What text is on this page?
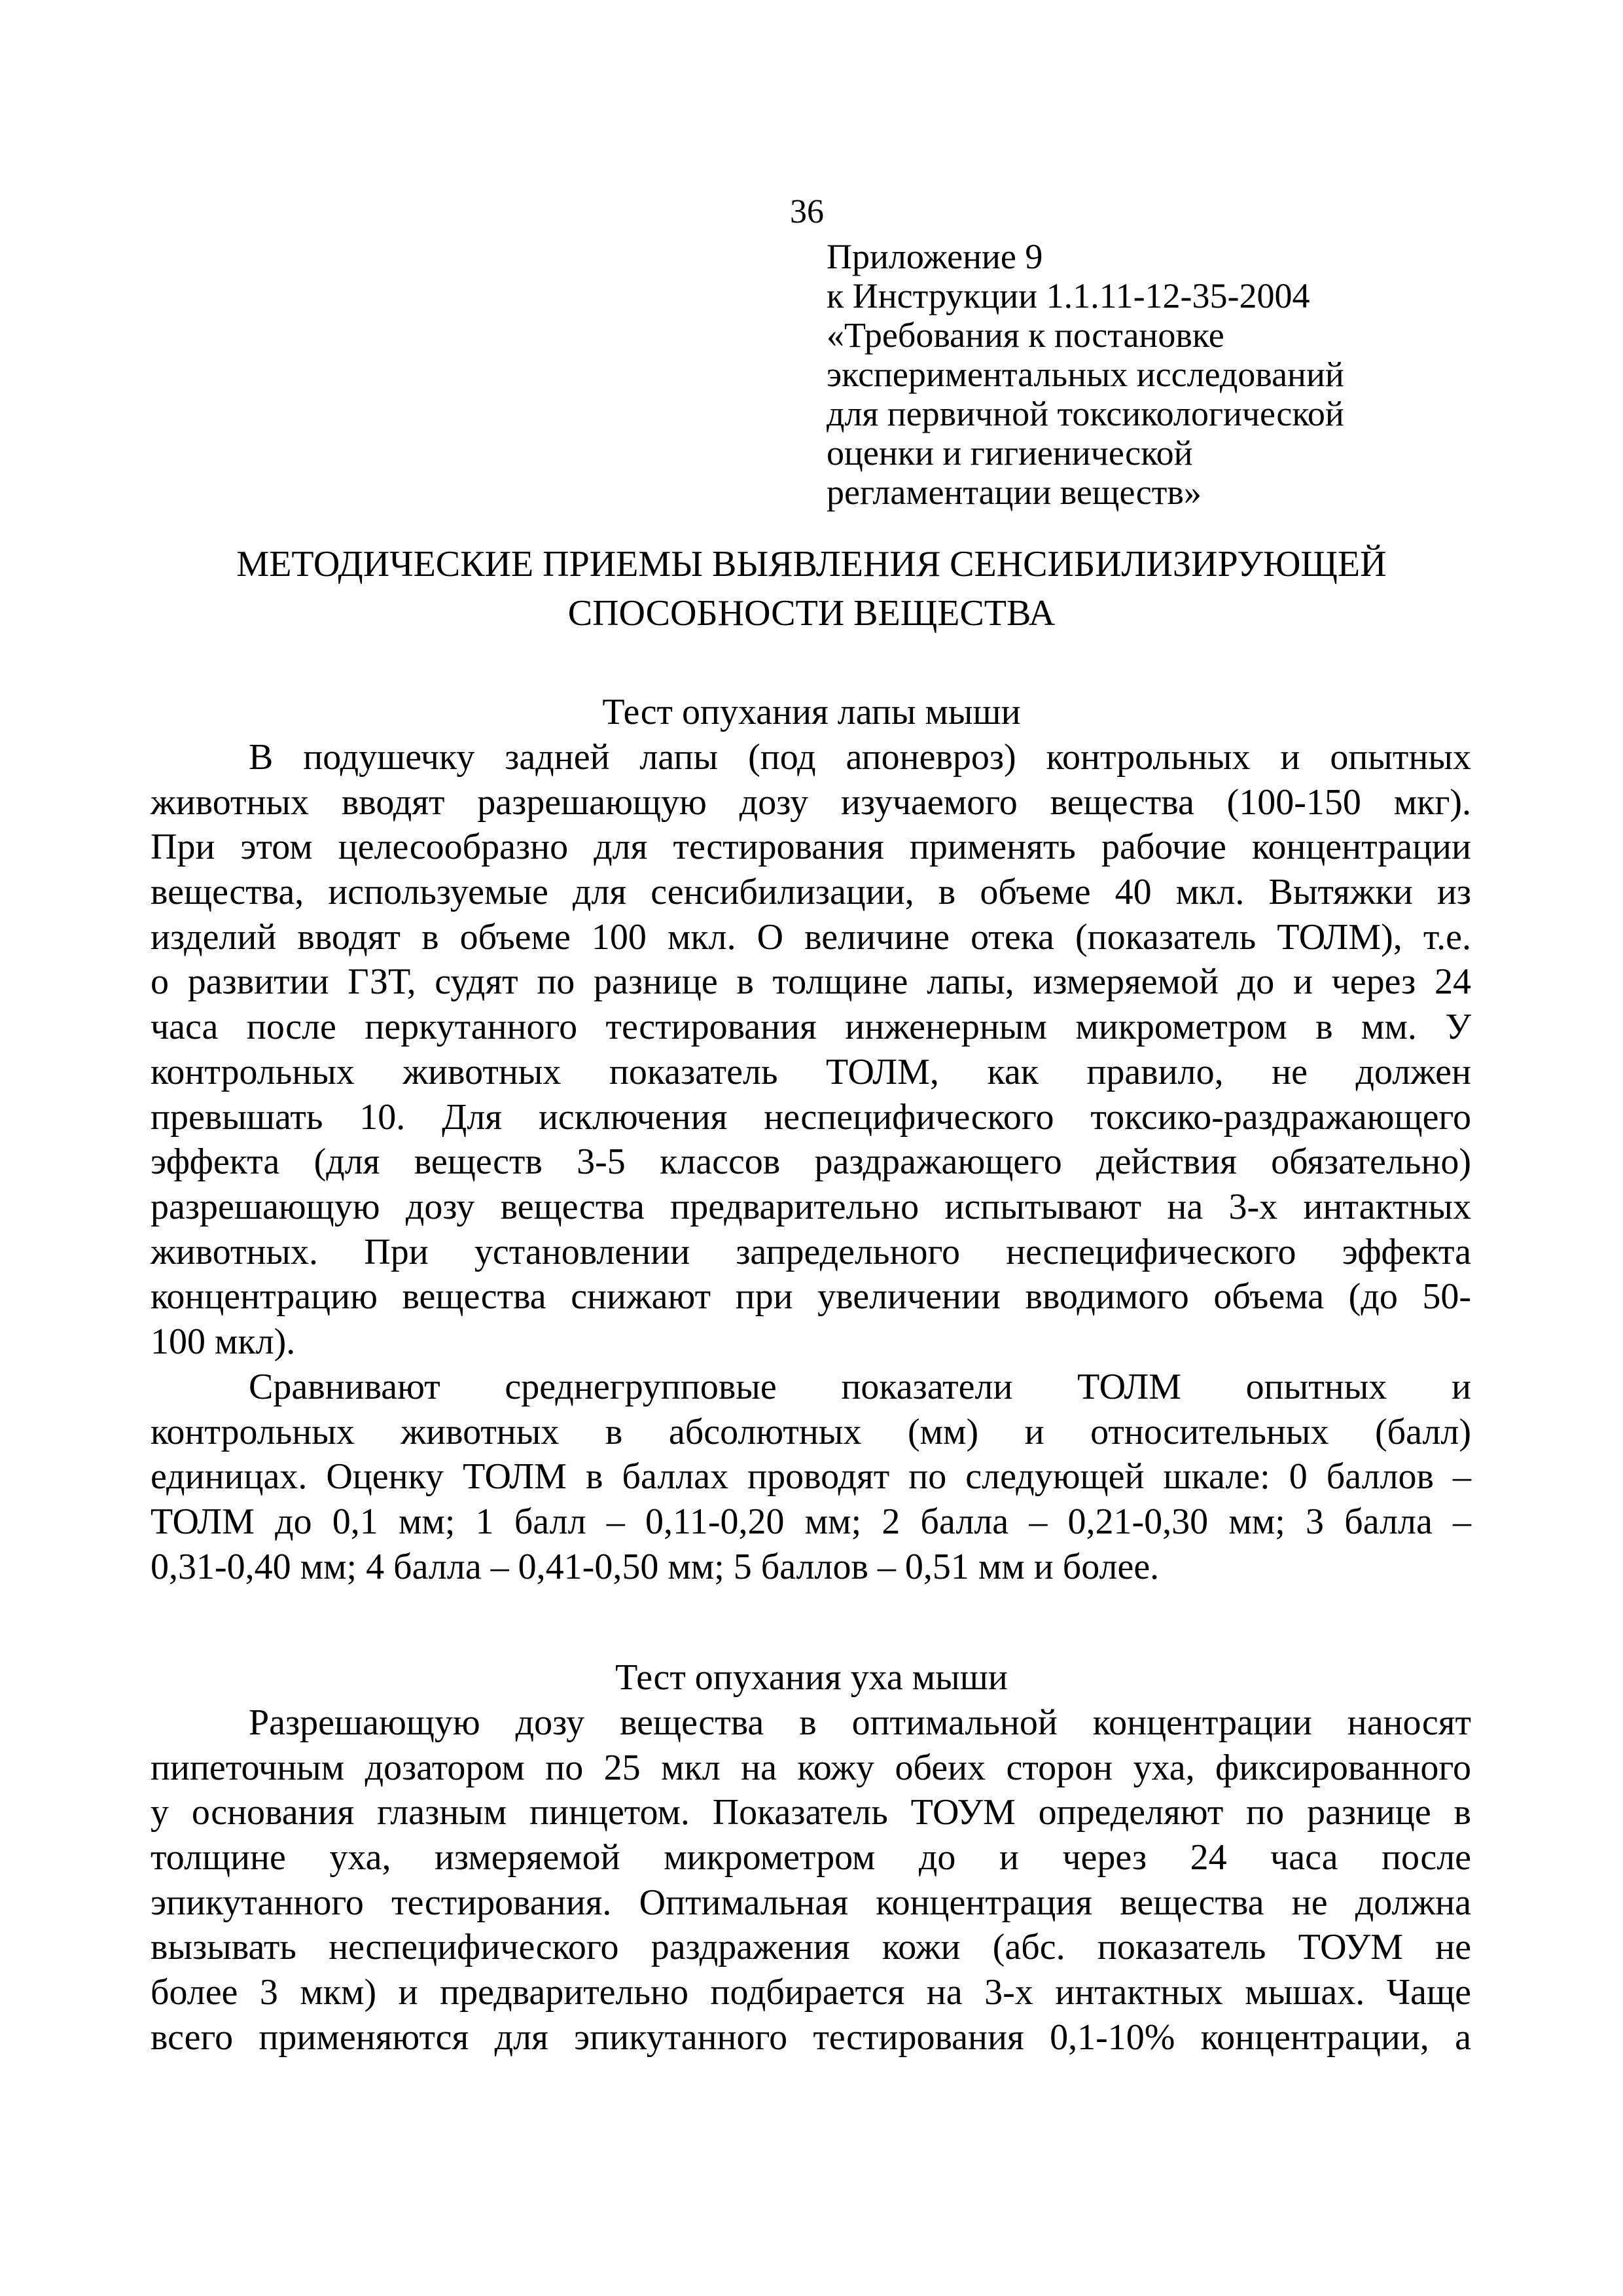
36
Приложение 9
к Инструкции 1.1.11-12-35-2004
«Требования к постановке
экспериментальных исследований
для первичной токсикологической
оценки и гигиенической
регламентации веществ»
МЕТОДИЧЕСКИЕ ПРИЕМЫ ВЫЯВЛЕНИЯ СЕНСИБИЛИЗИРУЮЩЕЙ
СПОСОБНОСТИ ВЕЩЕСТВА
Тест опухания лапы мыши
В подушечку задней лапы (под апоневроз) контрольных и опытных
животных вводят разрешающую дозу изучаемого вещества (100-150 мкг).
При этом целесообразно для тестирования применять рабочие концентрации
вещества, используемые для сенсибилизации, в объеме 40 мкл. Вытяжки из
изделий вводят в объеме 100 мкл. О величине отека (показатель ТОЛМ), т.е.
о развитии ГЗТ, судят по разнице в толщине лапы, измеряемой до и через 24
часа после перкутанного тестирования инженерным микрометром в мм. У
контрольных животных показатель ТОЛМ, как правило, не должен
превышать 10. Для исключения неспецифического токсико-раздражающего
эффекта (для веществ 3-5 классов раздражающего действия обязательно)
разрешающую дозу вещества предварительно испытывают на 3-х интактных
животных. При установлении запредельного неспецифического эффекта
концентрацию вещества снижают при увеличении вводимого объема (до 50-
100 мкл).
Сравнивают среднегрупповые показатели ТОЛМ опытных и
контрольных животных в абсолютных (мм) и относительных (балл)
единицах. Оценку ТОЛМ в баллах проводят по следующей шкале: 0 баллов –
ТОЛМ до 0,1 мм; 1 балл – 0,11-0,20 мм; 2 балла – 0,21-0,30 мм; 3 балла –
0,31-0,40 мм; 4 балла – 0,41-0,50 мм; 5 баллов – 0,51 мм и более.
Тест опухания уха мыши
Разрешающую дозу вещества в оптимальной концентрации наносят
пипеточным дозатором по 25 мкл на кожу обеих сторон уха, фиксированного
у основания глазным пинцетом. Показатель ТОУМ определяют по разнице в
толщине уха, измеряемой микрометром до и через 24 часа после
эпикутанного тестирования. Оптимальная концентрация вещества не должна
вызывать неспецифического раздражения кожи (абс. показатель ТОУМ не
более 3 мкм) и предварительно подбирается на 3-х интактных мышах. Чаще
всего применяются для эпикутанного тестирования 0,1-10% концентрации, а
